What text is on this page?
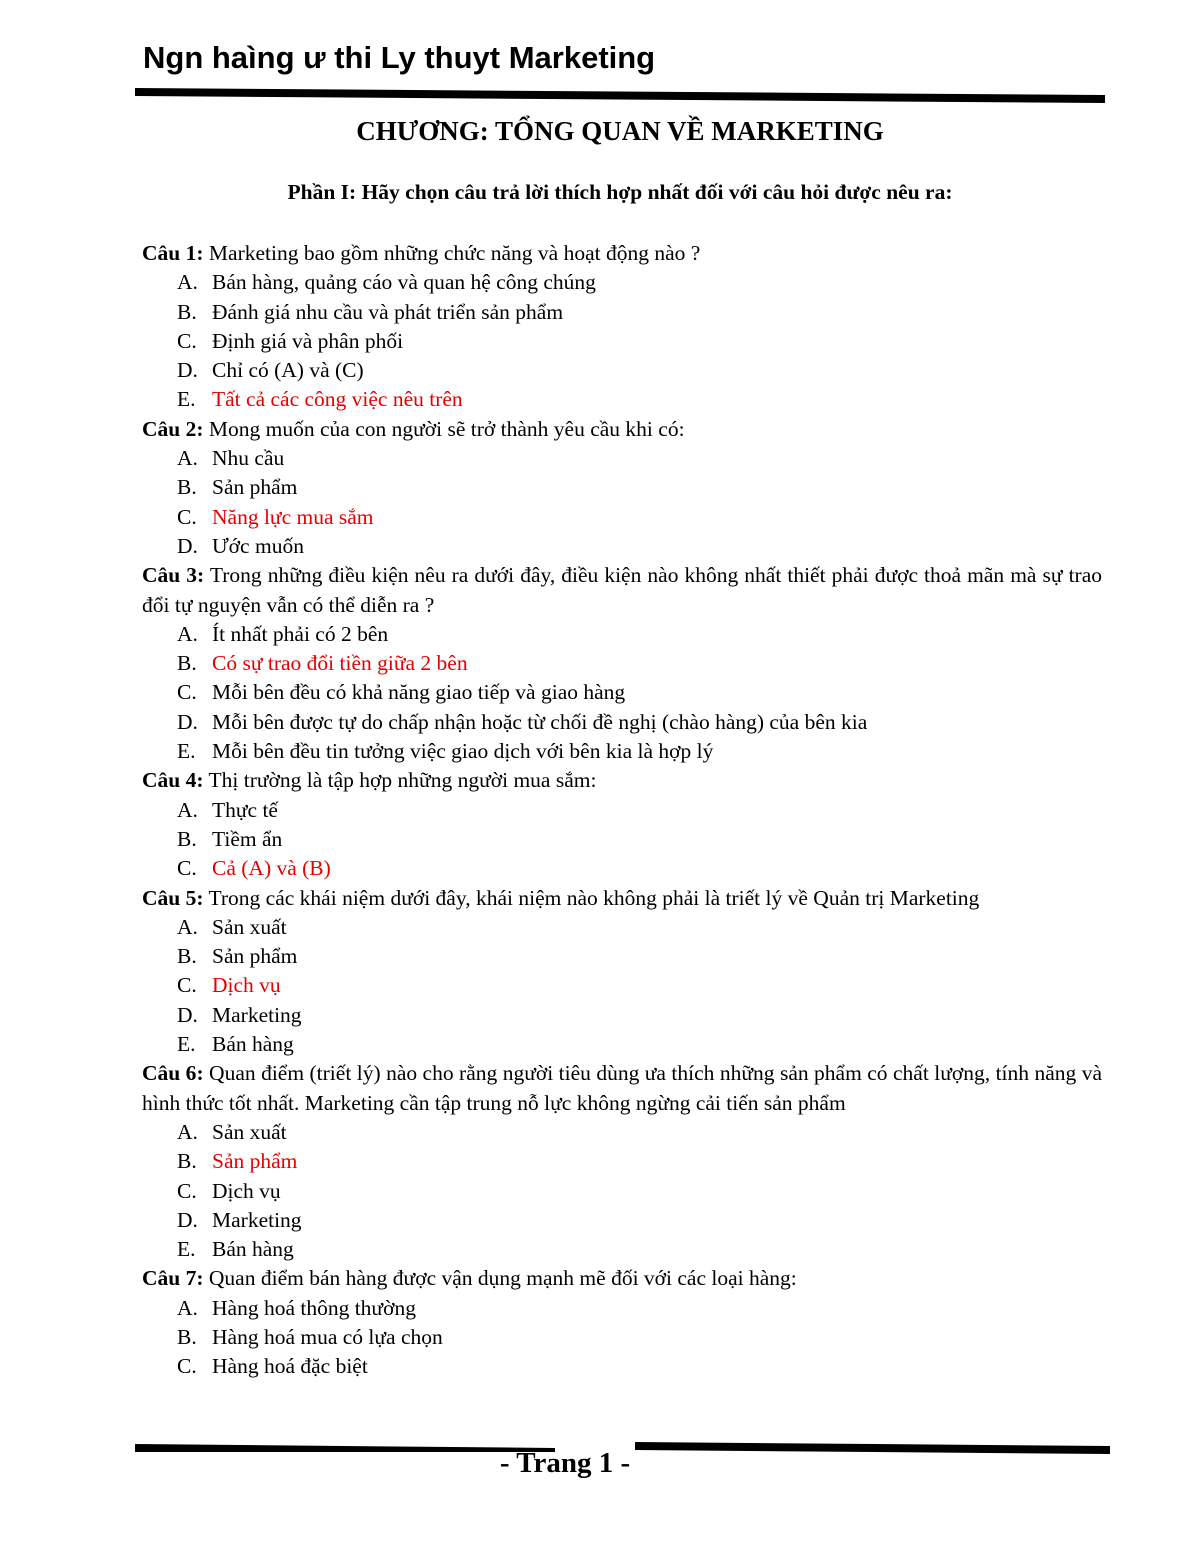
Ngn haìng ư thi Ly thuyt Marketing
CHƯƠNG: TỔNG QUAN VỀ MARKETING
Phần I: Hãy chọn câu trả lời thích hợp nhất đối với câu hỏi được nêu ra:

Câu 1: Marketing bao gồm những chức năng và hoạt động nào ?

A. Bán hàng, quảng cáo và quan hệ công chúng
B. Đánh giá nhu cầu và phát triển sản phẩm
C. Định giá và phân phối
D. Chỉ có (A) và (C)
E. Tất cả các công việc nêu trên

Câu 2: Mong muốn của con người sẽ trở thành yêu cầu khi có:

A. Nhu cầu
B. Sản phẩm
C. Năng lực mua sắm
D. Ước muốn

Câu 3: Trong những điều kiện nêu ra dưới đây, điều kiện nào không nhất thiết phải được thoả mãn mà sự trao đổi tự nguyện vẫn có thể diễn ra ?

A. Ít nhất phải có 2 bên
B. Có sự trao đổi tiền giữa 2 bên
C. Mỗi bên đều có khả năng giao tiếp và giao hàng
D. Mỗi bên được tự do chấp nhận hoặc từ chối đề nghị (chào hàng) của bên kia
E. Mỗi bên đều tin tưởng việc giao dịch với bên kia là hợp lý

Câu 4: Thị trường là tập hợp những người mua sắm:

A. Thực tế
B. Tiềm ẩn
C. Cả (A) và (B)

Câu 5: Trong các khái niệm dưới đây, khái niệm nào không phải là triết lý về Quản trị Marketing

A. Sản xuất
B. Sản phẩm
C. Dịch vụ
D. Marketing
E. Bán hàng

Câu 6: Quan điểm (triết lý) nào cho rằng người tiêu dùng ưa thích những sản phẩm có chất lượng, tính năng và hình thức tốt nhất. Marketing cần tập trung nỗ lực không ngừng cải tiến sản phẩm

A. Sản xuất
B. Sản phẩm
C. Dịch vụ
D. Marketing
E. Bán hàng

Câu 7: Quan điểm bán hàng được vận dụng mạnh mẽ đối với các loại hàng:

A. Hàng hoá thông thường
B. Hàng hoá mua có lựa chọn
C. Hàng hoá đặc biệt
- Trang 1 -
